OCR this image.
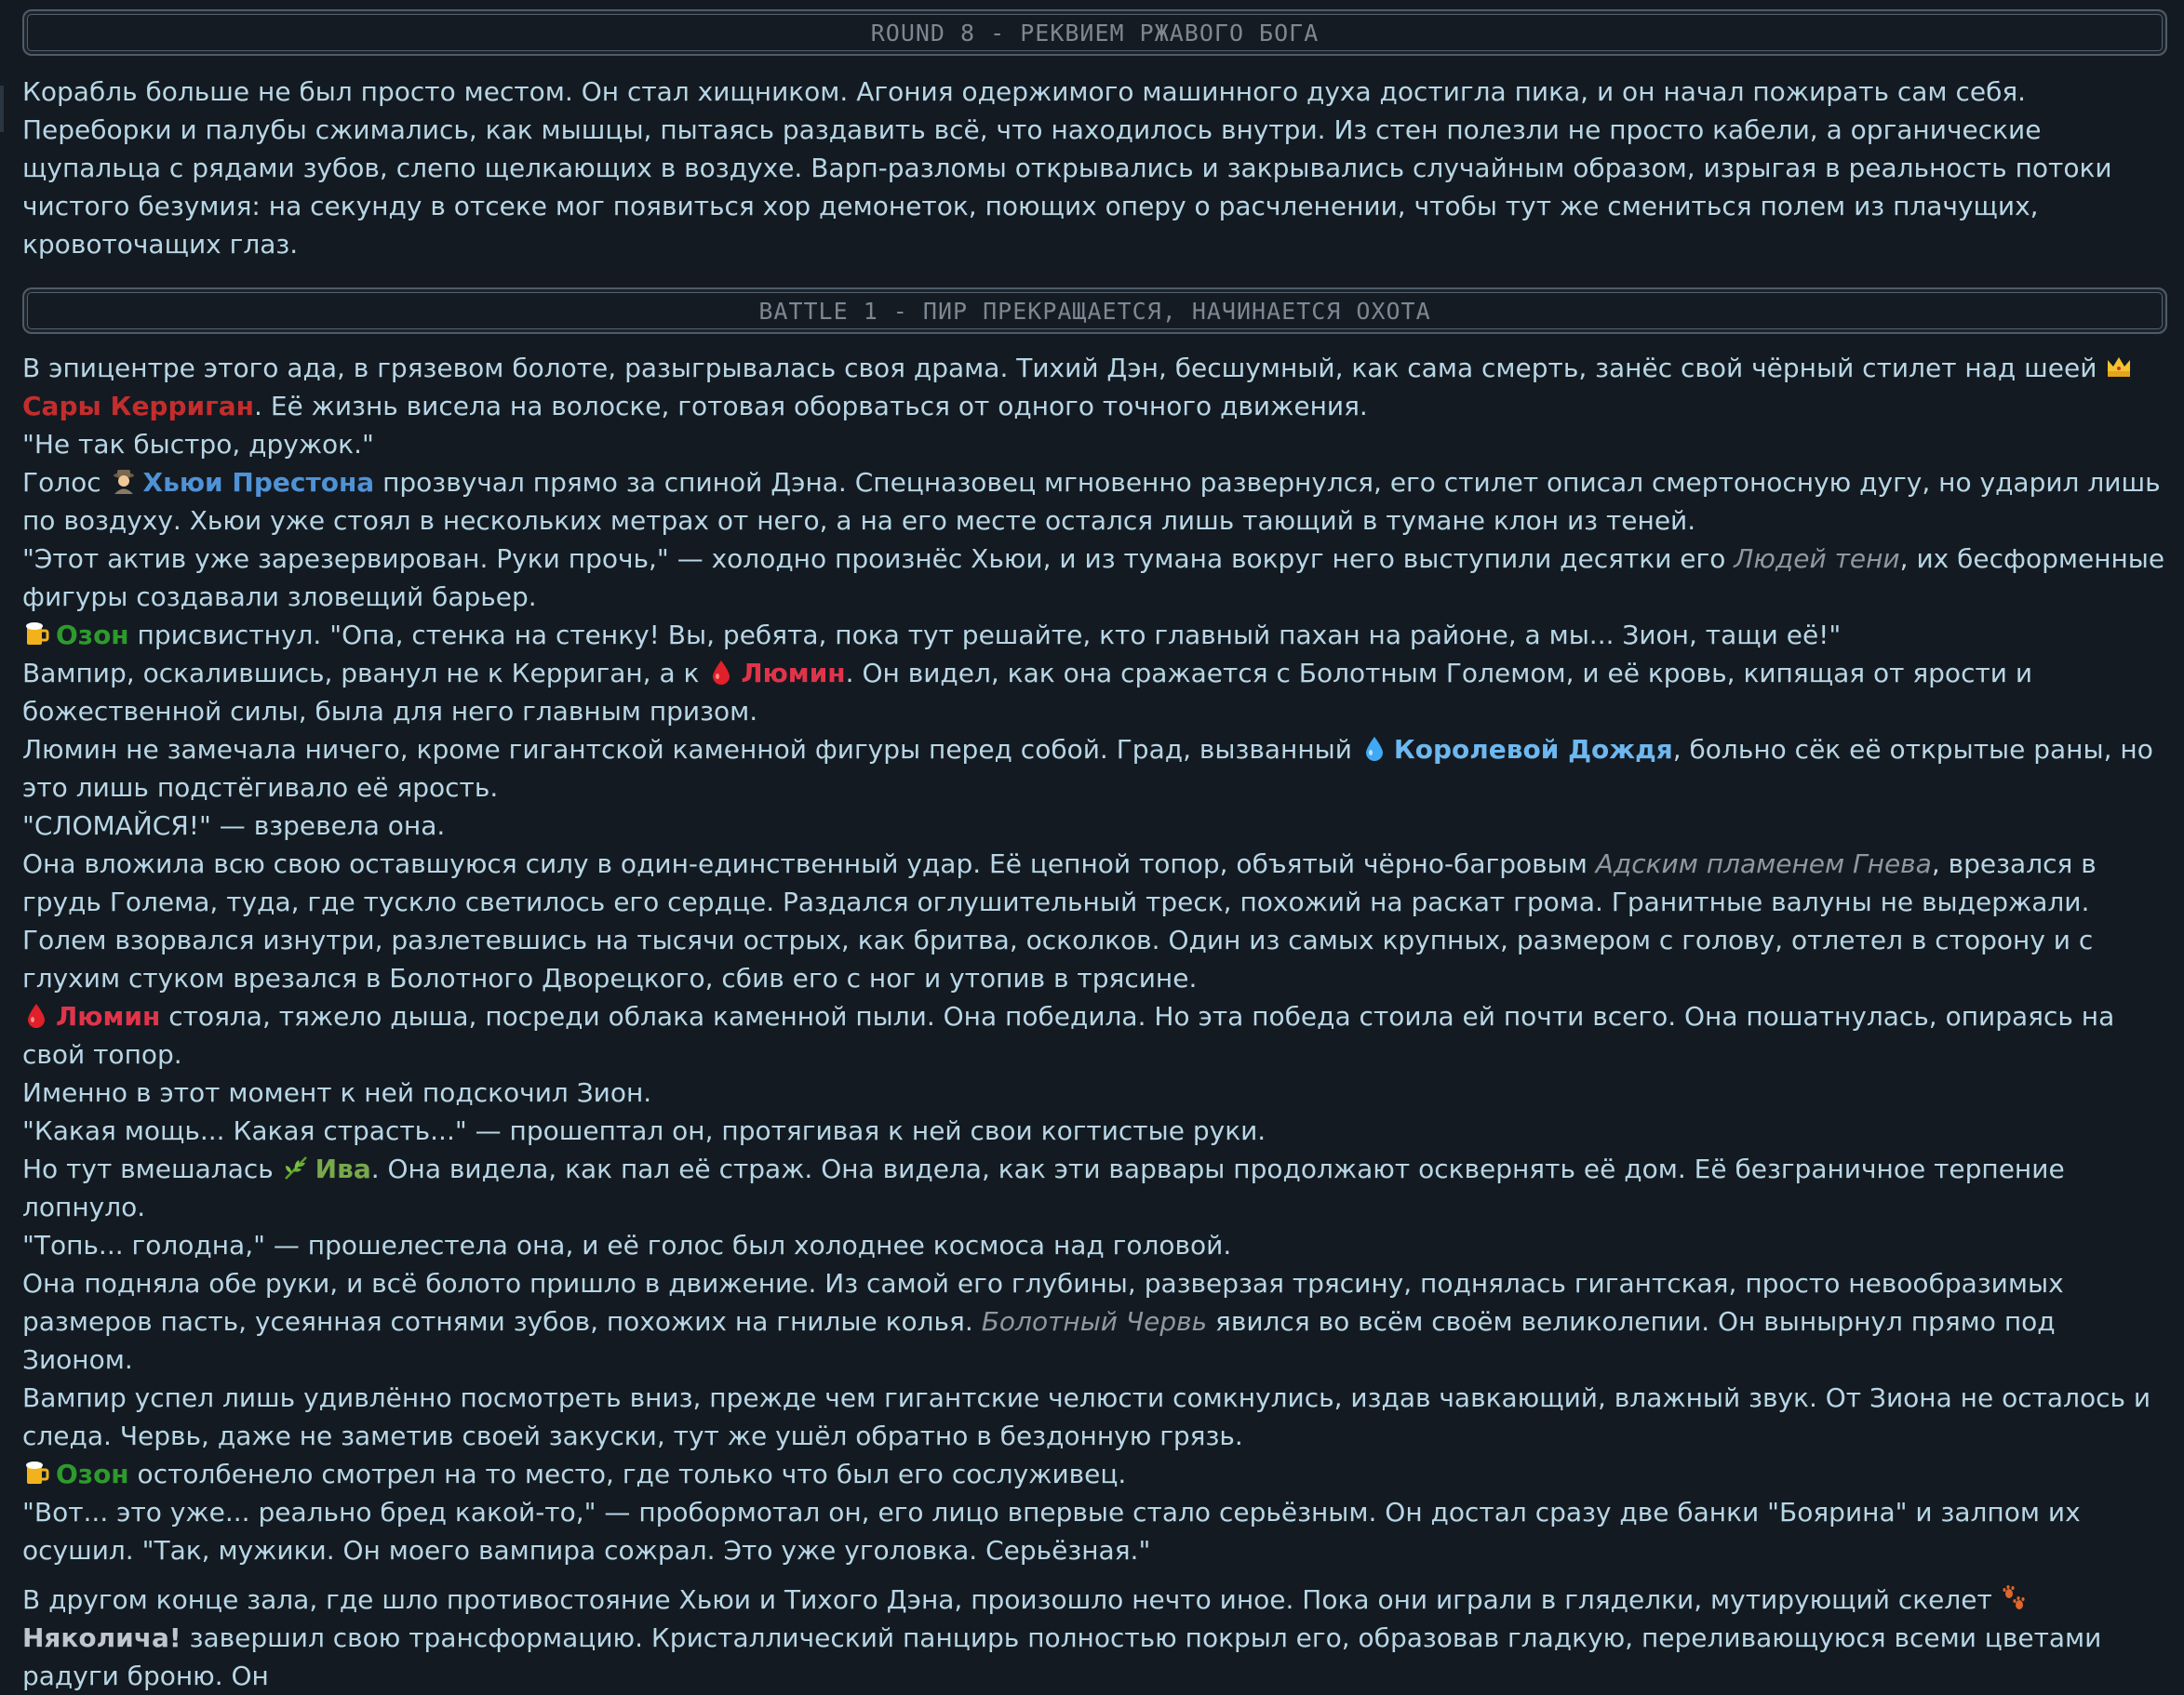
ROUND 8 - РЕКВИЕМ РЖАВОГО БОГА

Корабль больше не был просто местом. Он стал хищником. Агония одержимого машинного духа достигла пика, и он начал пожирать сам себя. Переборки и палубы сжимались, как мышцы, пытаясь раздавить всё, что находилось внутри. Из стен полезли не просто кабели, а органические щупальца с рядами зубов, слепо щелкающих в воздухе. Варп-разломы открывались и закрывались случайным образом, изрыгая в реальность потоки чистого безумия: на секунду в отсеке мог появиться хор демонеток, поющих оперу о расчленении, чтобы тут же смениться полем из плачущих, кровоточащих глаз.

BATTLE 1 - ПИР ПРЕКРАЩАЕТСЯ, НАЧИНАЕТСЯ ОХОТА

В эпицентре этого ада, в грязевом болоте, разыгрывалась своя драма. Тихий Дэн, бесшумный, как сама смерть, занёс свой чёрный стилет над шеей Сары Керриган. Её жизнь висела на волоске, готовая оборваться от одного точного движения.

"Не так быстро, дружок."

Голос Хьюи Престона прозвучал прямо за спиной Дэна. Спецназовец мгновенно развернулся, его стилет описал смертоносную дугу, но ударил лишь по воздуху. Хьюи уже стоял в нескольких метрах от него, а на его месте остался лишь тающий в тумане клон из теней.

"Этот актив уже зарезервирован. Руки прочь," — холодно произнёс Хьюи, и из тумана вокруг него выступили десятки его Людей тени, их бесформенные фигуры создавали зловещий барьер.

Озон присвистнул. "Опа, стенка на стенку! Вы, ребята, пока тут решайте, кто главный пахан на районе, а мы... Зион, тащи её!"

Вампир, оскалившись, рванул не к Керриган, а к Люмин. Он видел, как она сражается с Болотным Големом, и её кровь, кипящая от ярости и божественной силы, была для него главным призом.

Люмин не замечала ничего, кроме гигантской каменной фигуры перед собой. Град, вызванный Королевой Дождя, больно сёк её открытые раны, но это лишь подстёгивало её ярость.

"СЛОМАЙСЯ!" — взревела она.

Она вложила всю свою оставшуюся силу в один-единственный удар. Её цепной топор, объятый чёрно-багровым Адским пламенем Гнева, врезался в грудь Голема, туда, где тускло светилось его сердце. Раздался оглушительный треск, похожий на раскат грома. Гранитные валуны не выдержали. Голем взорвался изнутри, разлетевшись на тысячи острых, как бритва, осколков. Один из самых крупных, размером с голову, отлетел в сторону и с глухим стуком врезался в Болотного Дворецкого, сбив его с ног и утопив в трясине.

Люмин стояла, тяжело дыша, посреди облака каменной пыли. Она победила. Но эта победа стоила ей почти всего. Она пошатнулась, опираясь на свой топор.

Именно в этот момент к ней подскочил Зион.

"Какая мощь... Какая страсть..." — прошептал он, протягивая к ней свои когтистые руки.

Но тут вмешалась Ива. Она видела, как пал её страж. Она видела, как эти варвары продолжают осквернять её дом. Её безграничное терпение лопнуло.

"Топь... голодна," — прошелестела она, и её голос был холоднее космоса над головой.

Она подняла обе руки, и всё болото пришло в движение. Из самой его глубины, разверзая трясину, поднялась гигантская, просто невообразимых размеров пасть, усеянная сотнями зубов, похожих на гнилые колья. Болотный Червь явился во всём своём великолепии. Он вынырнул прямо под Зионом.

Вампир успел лишь удивлённо посмотреть вниз, прежде чем гигантские челюсти сомкнулись, издав чавкающий, влажный звук. От Зиона не осталось и следа. Червь, даже не заметив своей закуски, тут же ушёл обратно в бездонную грязь.

Озон остолбенело смотрел на то место, где только что был его сослуживец.

"Вот... это уже... реально бред какой-то," — пробормотал он, его лицо впервые стало серьёзным. Он достал сразу две банки "Боярина" и залпом их осушил. "Так, мужики. Он моего вампира сожрал. Это уже уголовка. Серьёзная."

В другом конце зала, где шло противостояние Хьюи и Тихого Дэна, произошло нечто иное. Пока они играли в гляделки, мутирующий скелет Няколича! завершил свою трансформацию. Кристаллический панцирь полностью покрыл его, образовав гладкую, переливающуюся всеми цветами радуги броню. Он
